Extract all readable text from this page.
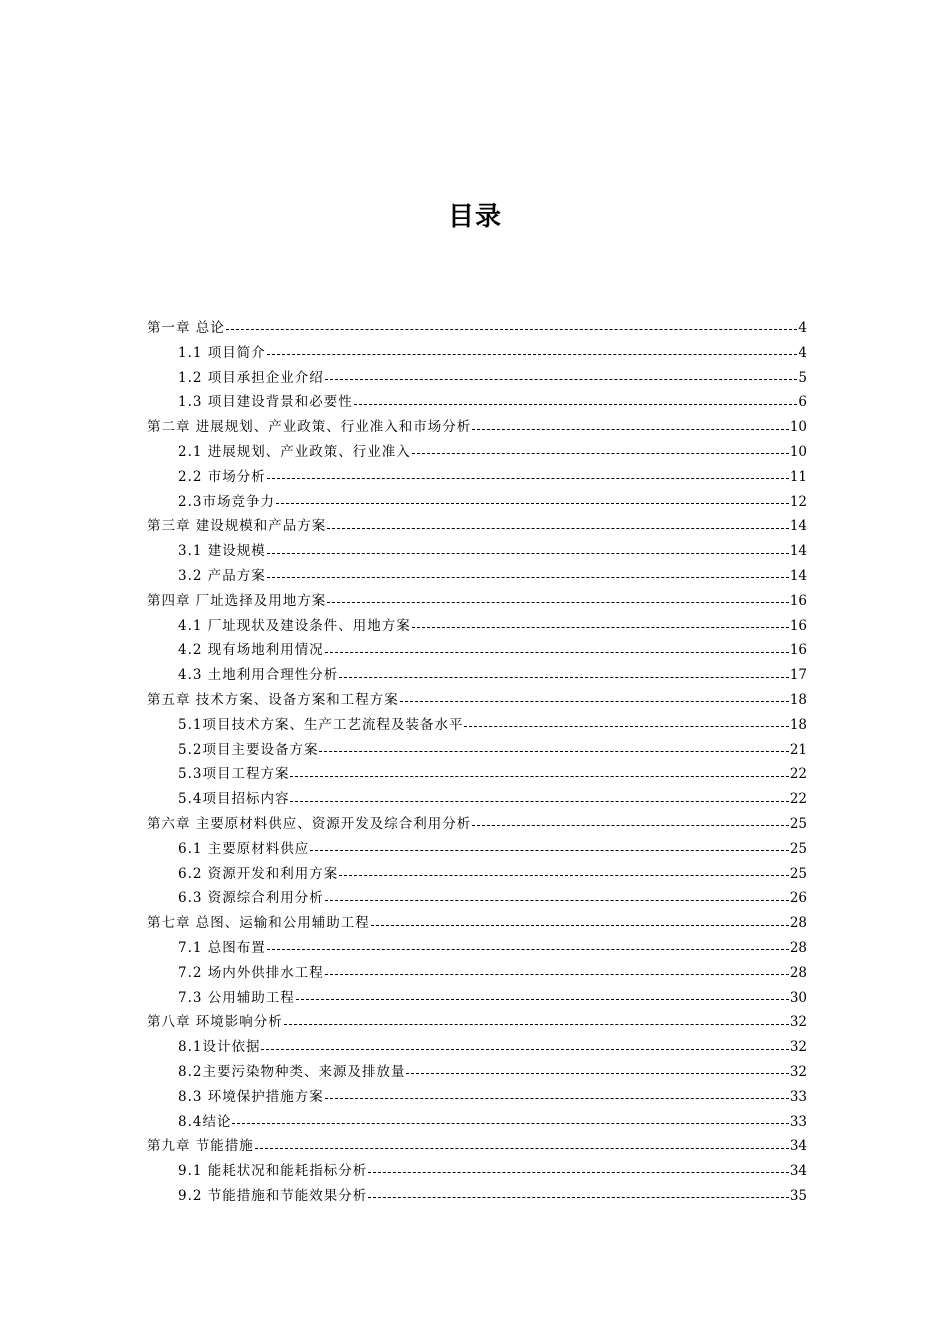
目录
第一章 总论	4
1.1 项目简介	4
1.2 项目承担企业介绍	5
1.3 项目建设背景和必要性	6
第二章 进展规划、产业政策、行业准入和市场分析	10
2.1 进展规划、产业政策、行业准入	10
2.2 市场分析	11
2.3市场竞争力	12
第三章 建设规模和产品方案	14
3.1 建设规模	14
3.2 产品方案	14
第四章 厂址选择及用地方案	16
4.1 厂址现状及建设条件、用地方案	16
4.2 现有场地利用情况	16
4.3 土地利用合理性分析	17
第五章 技术方案、设备方案和工程方案	18
5.1项目技术方案、生产工艺流程及装备水平	18
5.2项目主要设备方案	21
5.3项目工程方案	22
5.4项目招标内容	22
第六章 主要原材料供应、资源开发及综合利用分析	25
6.1 主要原材料供应	25
6.2 资源开发和利用方案	25
6.3 资源综合利用分析	26
第七章 总图、运输和公用辅助工程	28
7.1 总图布置	28
7.2 场内外供排水工程	28
7.3 公用辅助工程	30
第八章 环境影响分析	32
8.1设计依据	32
8.2主要污染物种类、来源及排放量	32
8.3 环境保护措施方案	33
8.4结论	33
第九章 节能措施	34
9.1 能耗状况和能耗指标分析	34
9.2 节能措施和节能效果分析	35
